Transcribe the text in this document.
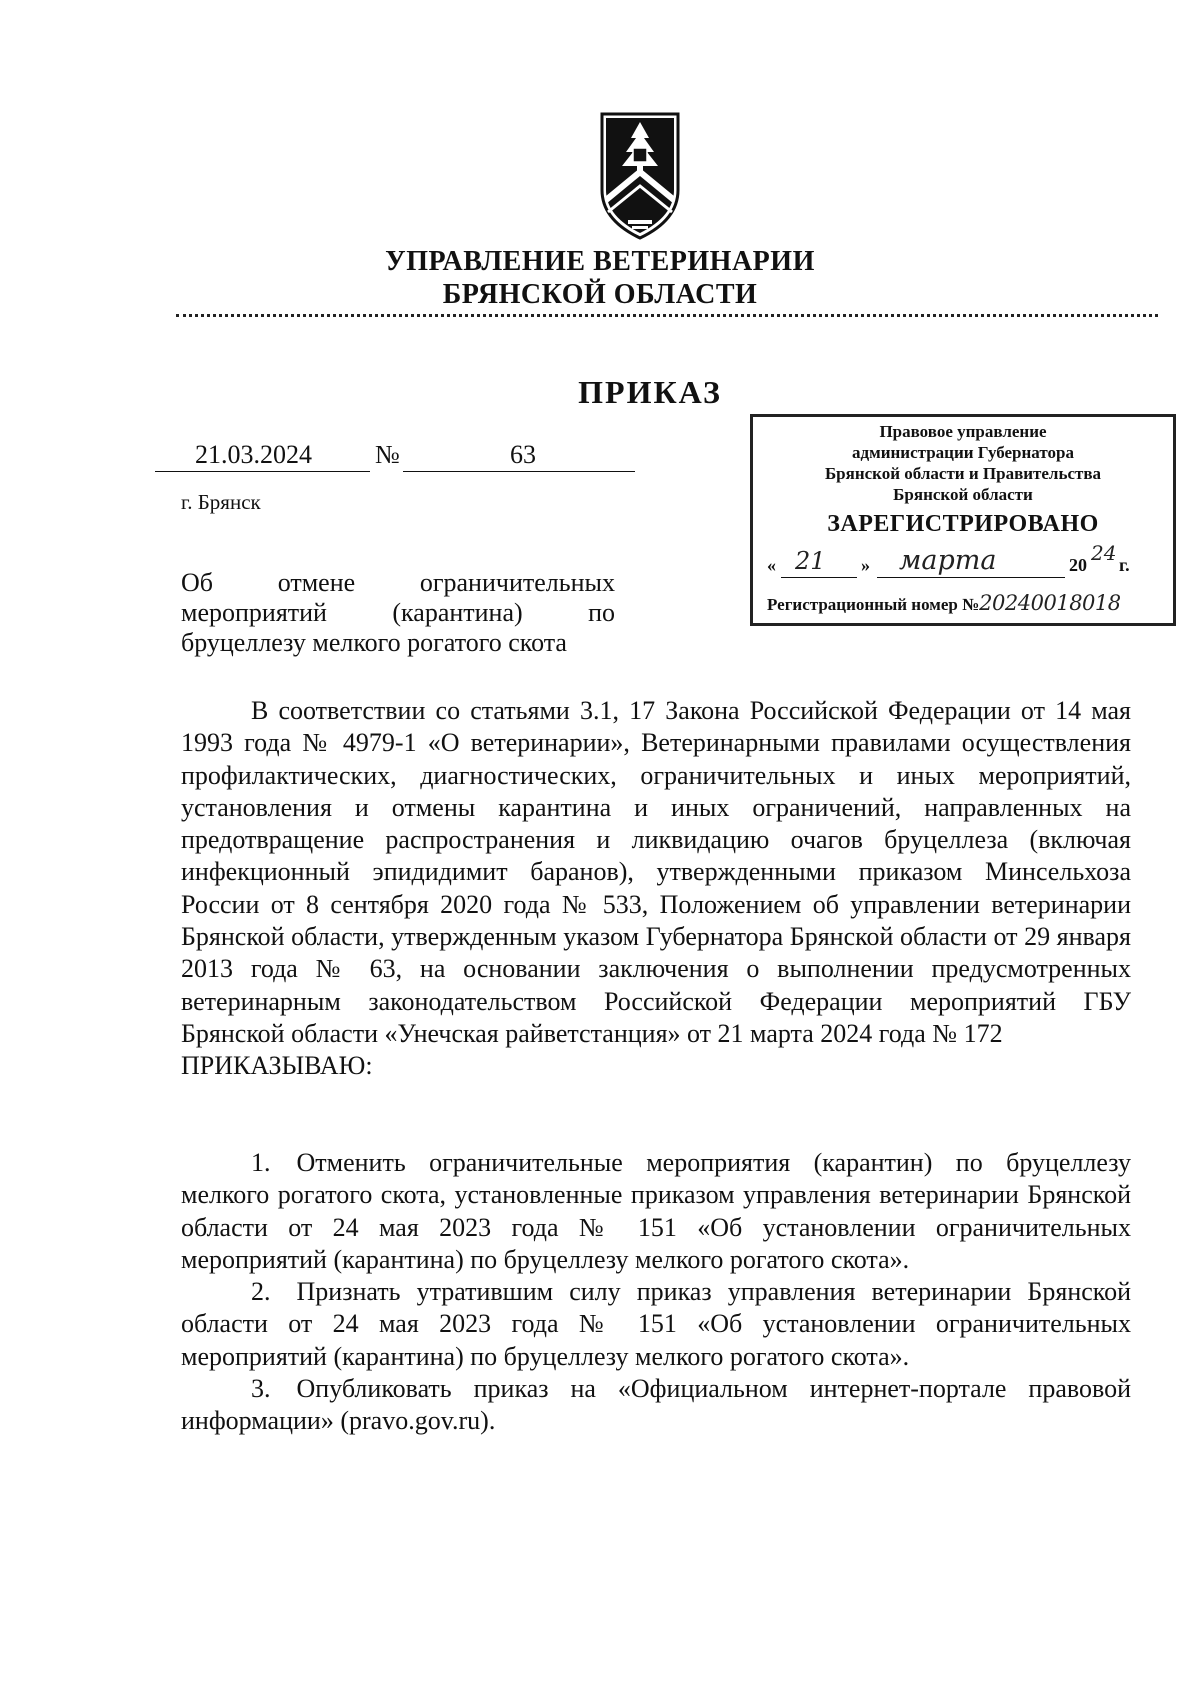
УПРАВЛЕНИЕ ВЕТЕРИНАРИИ
БРЯНСКОЙ ОБЛАСТИ
ПРИКАЗ
21.03.2024 №	63
г. Брянск
Правовое управление
администрации Губернатора
Брянской области и Правительства
Брянской области
ЗАРЕГИСТРИРОВАНО
« 21 » марта	20 24 г.
Регистрационный номер №20240018018
Об отмене ограничительных
мероприятий (карантина) по
бруцеллезу мелкого рогатого скота
В соответствии со статьями 3.1, 17 Закона Российской Федерации от 14 мая 1993 года № 4979-1 «О ветеринарии», Ветеринарными правилами осуществления профилактических, диагностических, ограничительных и иных мероприятий, установления и отмены карантина и иных ограничений, направленных на предотвращение распространения и ликвидацию очагов бруцеллеза (включая инфекционный эпидидимит баранов), утвержденными приказом Минсельхоза России от 8 сентября 2020 года № 533, Положением об управлении ветеринарии Брянской области, утвержденным указом Губернатора Брянской области от 29 января 2013 года № 63, на основании заключения о выполнении предусмотренных ветеринарным законодательством Российской Федерации мероприятий ГБУ Брянской области «Унечская райветстанция» от 21 марта 2024 года № 172
ПРИКАЗЫВАЮ:

1. Отменить ограничительные мероприятия (карантин) по бруцеллезу мелкого рогатого скота, установленные приказом управления ветеринарии Брянской области от 24 мая 2023 года № 151 «Об установлении ограничительных мероприятий (карантина) по бруцеллезу мелкого рогатого скота».

2. Признать утратившим силу приказ управления ветеринарии Брянской области от 24 мая 2023 года № 151 «Об установлении ограничительных мероприятий (карантина) по бруцеллезу мелкого рогатого скота».

3. Опубликовать приказ на «Официальном интернет-портале правовой информации» (pravo.gov.ru).
